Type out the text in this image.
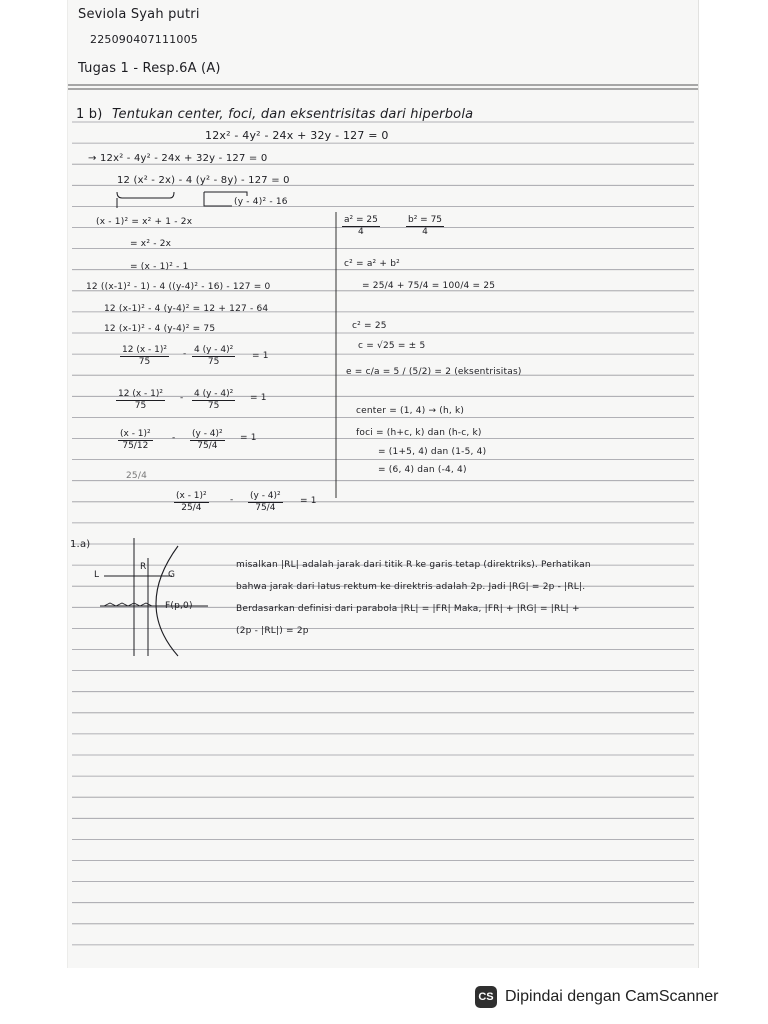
Seviola Syah putri
225090407111005
Tugas 1 - Resp.6A (A)
1 b) Tentukan center, foci, dan eksentrisitas dari hiperbola
12x² - 4y² - 24x + 32y - 127 = 0
→ 12x² - 4y² - 24x + 32y - 127 = 0
12 (x² - 2x) - 4 (y² - 8y) - 127 = 0
(y - 4)² - 16
(x - 1)² = x² + 1 - 2x
= x² - 2x
= (x - 1)² - 1
12 ((x-1)² - 1) - 4 ((y-4)² - 16) - 127 = 0
12 (x-1)² - 4 (y-4)² = 12 + 127 - 64
12 (x-1)² - 4 (y-4)² = 75
$\frac{\text{12 (x - 1)²}}{75} - \frac{\text{4 (y - 4)²}}{75} = 1$
$\frac{\text{12 (x - 1)²}}{75} - \frac{\text{4 (y - 4)²}}{75} = 1$
$\frac{\text{(x - 1)²}}{75/12} - \frac{\text{(y - 4)²}}{75/4} = 1$
25/4
$\frac{\text{a² = 25}}{4}$	$\frac{\text{b² = 75}}{4}$
c² = a² + b²
= 25/4 + 75/4 = 100/4 = 25
c² = 25
c = √25 = ± 5
e = c/a = 5 / (5/2) = 2 (eksentrisitas)
center = (1, 4) → (h, k)
foci = (h+c, k) dan (h-c, k)
= (1+5, 4) dan (1-5, 4)
= (6, 4) dan (-4, 4)
$\frac{\text{(x - 1)²}}{25/4} - \frac{\text{(y - 4)²}}{75/4} = 1$
1.a)
L
R
G
F(p,0)
misalkan |RL| adalah jarak dari titik R ke garis tetap (direktriks). Perhatikan
bahwa jarak dari latus rektum ke direktris adalah 2p. Jadi |RG| = 2p - |RL|.
Berdasarkan definisi dari parabola |RL| = |FR| Maka, |FR| + |RG| = |RL| +
(2p - |RL|) = 2p
CS Dipindai dengan CamScanner
